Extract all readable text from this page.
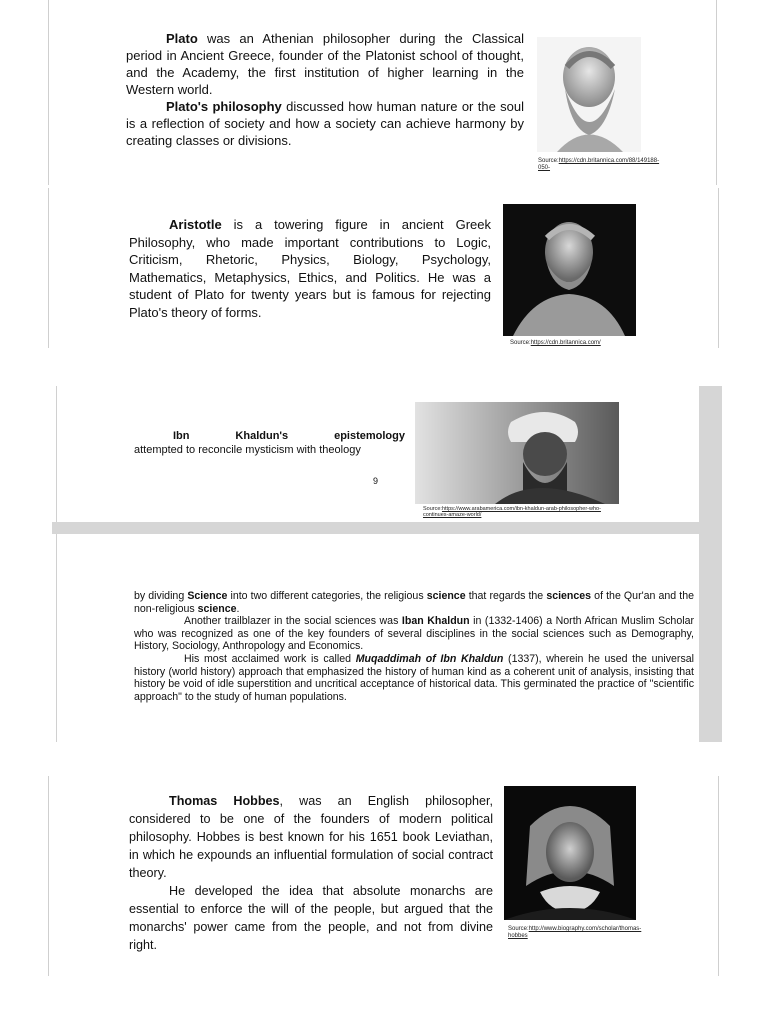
Plato was an Athenian philosopher during the Classical period in Ancient Greece, founder of the Platonist school of thought, and the Academy, the first institution of higher learning in the Western world.

Plato's philosophy discussed how human nature or the soul is a reflection of society and how a society can achieve harmony by creating classes or divisions.

Source:https://cdn.britannica.com/88/149188-050-

Aristotle is a towering figure in ancient Greek Philosophy, who made important contributions to Logic, Criticism, Rhetoric, Physics, Biology, Psychology, Mathematics, Metaphysics, Ethics, and Politics. He was a student of Plato for twenty years but is famous for rejecting Plato's theory of forms.

Source:https://cdn.britannica.com/
Ibn	Khaldun's	epistemology
attempted to reconcile mysticism with theology
9
Source:https://www.arabamerica.com/ibn-khaldun-arab-philosopher-who-continues-amaze-world/

by dividing Science into two different categories, the religious science that regards the sciences of the Qur'an and the non-religious science.

Another trailblazer in the social sciences was Iban Khaldun in (1332-1406) a North African Muslim Scholar who was recognized as one of the key founders of several disciplines in the social sciences such as Demography, History, Sociology, Anthropology and Economics.

His most acclaimed work is called Muqaddimah of Ibn Khaldun (1337), wherein he used the universal history (world history) approach that emphasized the history of human kind as a coherent unit of analysis, insisting that history be void of idle superstition and uncritical acceptance of historical data. This germinated the practice of "scientific approach" to the study of human populations.

Thomas Hobbes, was an English philosopher, considered to be one of the founders of modern political philosophy. Hobbes is best known for his 1651 book Leviathan, in which he expounds an influential formulation of social contract theory.

He developed the idea that absolute monarchs are essential to enforce the will of the people, but argued that the monarchs' power came from the people, and not from divine right.

Source:http://www.biography.com/scholar/thomas-hobbes
